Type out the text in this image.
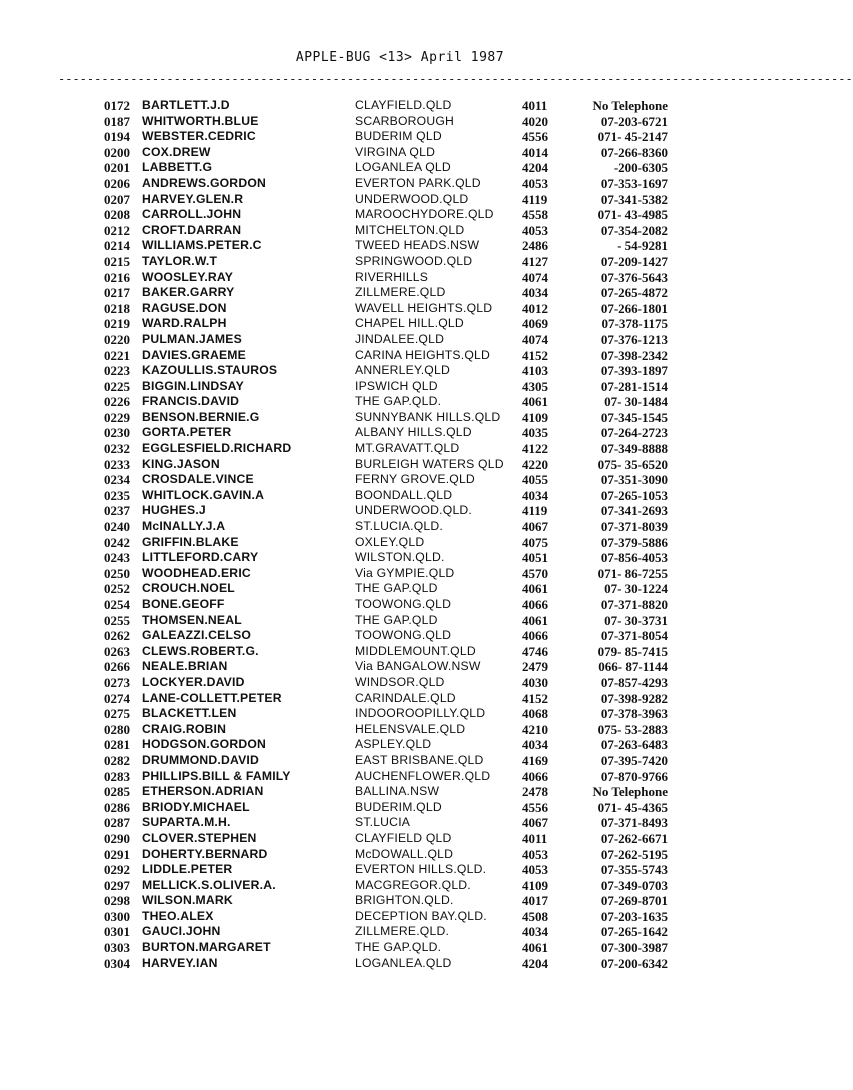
APPLE-BUG <13> April 1987
--------------------------------------------------------------------------------------------------------------
0172 BARTLETT.J.D	CLAYFIELD.QLD	4011	No Telephone
0187 WHITWORTH.BLUE	SCARBOROUGH	4020	07-203-6721
0194 WEBSTER.CEDRIC	BUDERIM QLD	4556	071- 45-2147
0200 COX.DREW	VIRGINA QLD	4014	07-266-8360
0201 LABBETT.G	LOGANLEA QLD	4204	-200-6305
0206 ANDREWS.GORDON	EVERTON PARK.QLD	4053	07-353-1697
0207 HARVEY.GLEN.R	UNDERWOOD.QLD	4119	07-341-5382
0208 CARROLL.JOHN	MAROOCHYDORE.QLD 4558	071- 43-4985
0212 CROFT.DARRAN	MITCHELTON.QLD	4053	07-354-2082
0214 WILLIAMS.PETER.C	TWEED HEADS.NSW	2486	- 54-9281
0215 TAYLOR.W.T	SPRINGWOOD.QLD	4127	07-209-1427
0216 WOOSLEY.RAY	RIVERHILLS	4074	07-376-5643
0217 BAKER.GARRY	ZILLMERE.QLD	4034	07-265-4872
0218 RAGUSE.DON	WAVELL HEIGHTS.QLD 4012	07-266-1801
0219 WARD.RALPH	CHAPEL HILL.QLD	4069	07-378-1175
0220 PULMAN.JAMES	JINDALEE.QLD	4074	07-376-1213
0221 DAVIES.GRAEME	CARINA HEIGHTS.QLD 4152	07-398-2342
0223 KAZOULLIS.STAUROS	ANNERLEY.QLD	4103	07-393-1897
0225 BIGGIN.LINDSAY	IPSWICH QLD	4305	07-281-1514
0226 FRANCIS.DAVID	THE GAP.QLD.	4061	07- 30-1484
0229 BENSON.BERNIE.G	SUNNYBANK HILLS.QLD 4109	07-345-1545
0230 GORTA.PETER	ALBANY HILLS.QLD	4035	07-264-2723
0232 EGGLESFIELD.RICHARD	MT.GRAVATT.QLD	4122	07-349-8888
0233 KING.JASON	BURLEIGH WATERS QLD 4220	075- 35-6520
0234 CROSDALE.VINCE	FERNY GROVE.QLD	4055	07-351-3090
0235 WHITLOCK.GAVIN.A	BOONDALL.QLD	4034	07-265-1053
0237 HUGHES.J	UNDERWOOD.QLD.	4119	07-341-2693
0240 McINALLY.J.A	ST.LUCIA.QLD.	4067	07-371-8039
0242 GRIFFIN.BLAKE	OXLEY.QLD	4075	07-379-5886
0243 LITTLEFORD.CARY	WILSTON.QLD.	4051	07-856-4053
0250 WOODHEAD.ERIC	Via GYMPIE.QLD	4570	071- 86-7255
0252 CROUCH.NOEL	THE GAP.QLD	4061	07- 30-1224
0254 BONE.GEOFF	TOOWONG.QLD	4066	07-371-8820
0255 THOMSEN.NEAL	THE GAP.QLD	4061	07- 30-3731
0262 GALEAZZI.CELSO	TOOWONG.QLD	4066	07-371-8054
0263 CLEWS.ROBERT.G.	MIDDLEMOUNT.QLD	4746	079- 85-7415
0266 NEALE.BRIAN	Via BANGALOW.NSW	2479	066- 87-1144
0273 LOCKYER.DAVID	WINDSOR.QLD	4030	07-857-4293
0274 LANE-COLLETT.PETER	CARINDALE.QLD	4152	07-398-9282
0275 BLACKETT.LEN	INDOOROOPILLY.QLD	4068	07-378-3963
0280 CRAIG.ROBIN	HELENSVALE.QLD	4210	075- 53-2883
0281 HODGSON.GORDON	ASPLEY.QLD	4034	07-263-6483
0282 DRUMMOND.DAVID	EAST BRISBANE.QLD	4169	07-395-7420
0283 PHILLIPS.BILL & FAMILY	AUCHENFLOWER.QLD 4066	07-870-9766
0285 ETHERSON.ADRIAN	BALLINA.NSW	2478	No Telephone
0286 BRIODY.MICHAEL	BUDERIM.QLD	4556	071- 45-4365
0287 SUPARTA.M.H.	ST.LUCIA	4067	07-371-8493
0290 CLOVER.STEPHEN	CLAYFIELD QLD	4011	07-262-6671
0291 DOHERTY.BERNARD	McDOWALL.QLD	4053	07-262-5195
0292 LIDDLE.PETER	EVERTON HILLS.QLD.	4053	07-355-5743
0297 MELLICK.S.OLIVER.A.	MACGREGOR.QLD.	4109	07-349-0703
0298 WILSON.MARK	BRIGHTON.QLD.	4017	07-269-8701
0300 THEO.ALEX	DECEPTION BAY.QLD.	4508	07-203-1635
0301 GAUCI.JOHN	ZILLMERE.QLD.	4034	07-265-1642
0303 BURTON.MARGARET	THE GAP.QLD.	4061	07-300-3987
0304 HARVEY.IAN	LOGANLEA.QLD	4204	07-200-6342
